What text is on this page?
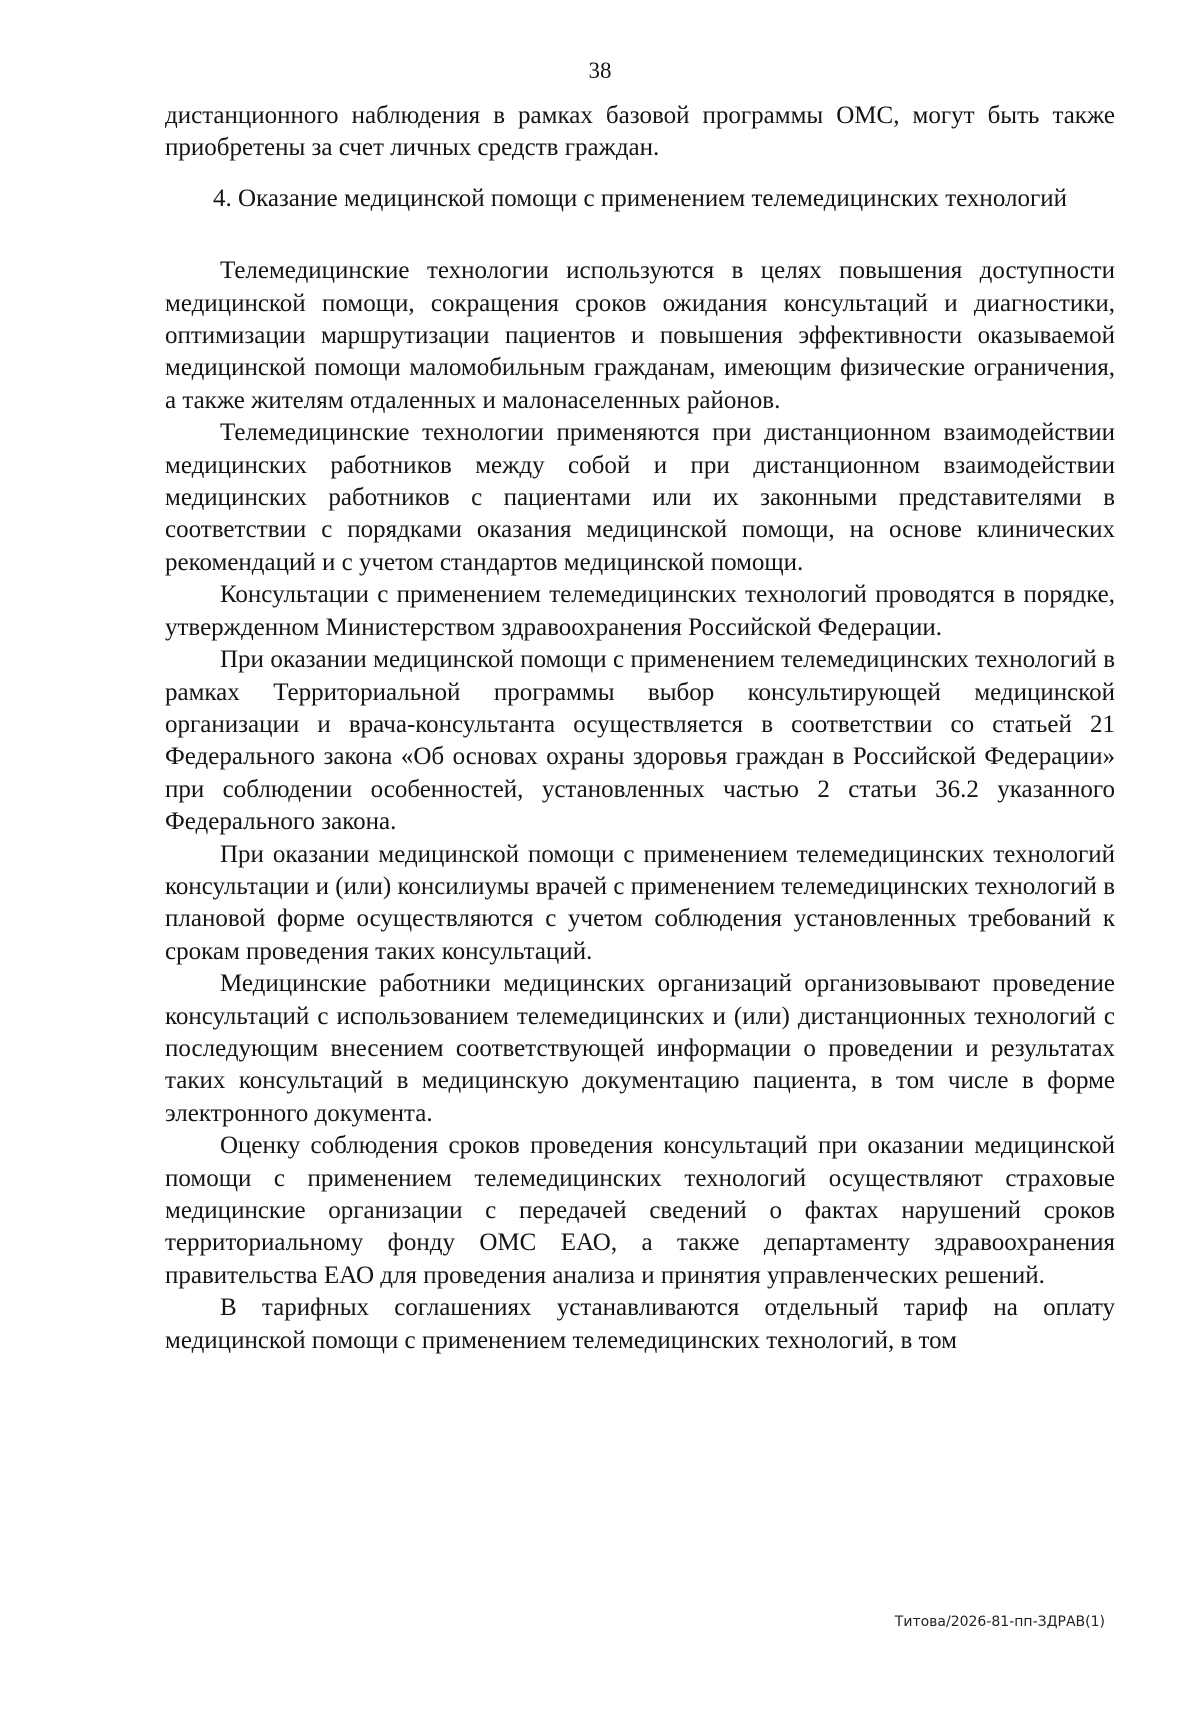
38

дистанционного наблюдения в рамках базовой программы ОМС, могут быть также приобретены за счет личных средств граждан.

4. Оказание медицинской помощи с применением телемедицинских технологий

Телемедицинские технологии используются в целях повышения доступности медицинской помощи, сокращения сроков ожидания консультаций и диагностики, оптимизации маршрутизации пациентов и повышения эффективности оказываемой медицинской помощи маломобильным гражданам, имеющим физические ограничения, а также жителям отдаленных и малонаселенных районов.

Телемедицинские технологии применяются при дистанционном взаимодействии медицинских работников между собой и при дистанционном взаимодействии медицинских работников с пациентами или их законными представителями в соответствии с порядками оказания медицинской помощи, на основе клинических рекомендаций и с учетом стандартов медицинской помощи.

Консультации с применением телемедицинских технологий проводятся в порядке, утвержденном Министерством здравоохранения Российской Федерации.

При оказании медицинской помощи с применением телемедицинских технологий в рамках Территориальной программы выбор консультирующей медицинской организации и врача-консультанта осуществляется в соответствии со статьей 21 Федерального закона «Об основах охраны здоровья граждан в Российской Федерации» при соблюдении особенностей, установленных частью 2 статьи 36.2 указанного Федерального закона.

При оказании медицинской помощи с применением телемедицинских технологий консультации и (или) консилиумы врачей с применением телемедицинских технологий в плановой форме осуществляются с учетом соблюдения установленных требований к срокам проведения таких консультаций.

Медицинские работники медицинских организаций организовывают проведение консультаций с использованием телемедицинских и (или) дистанционных технологий с последующим внесением соответствующей информации о проведении и результатах таких консультаций в медицинскую документацию пациента, в том числе в форме электронного документа.

Оценку соблюдения сроков проведения консультаций при оказании медицинской помощи с применением телемедицинских технологий осуществляют страховые медицинские организации с передачей сведений о фактах нарушений сроков территориальному фонду ОМС ЕАО, а также департаменту здравоохранения правительства ЕАО для проведения анализа и принятия управленческих решений.

В тарифных соглашениях устанавливаются отдельный тариф на оплату медицинской помощи с применением телемедицинских технологий, в том

Титова/2026-81-пп-ЗДРАВ(1)
